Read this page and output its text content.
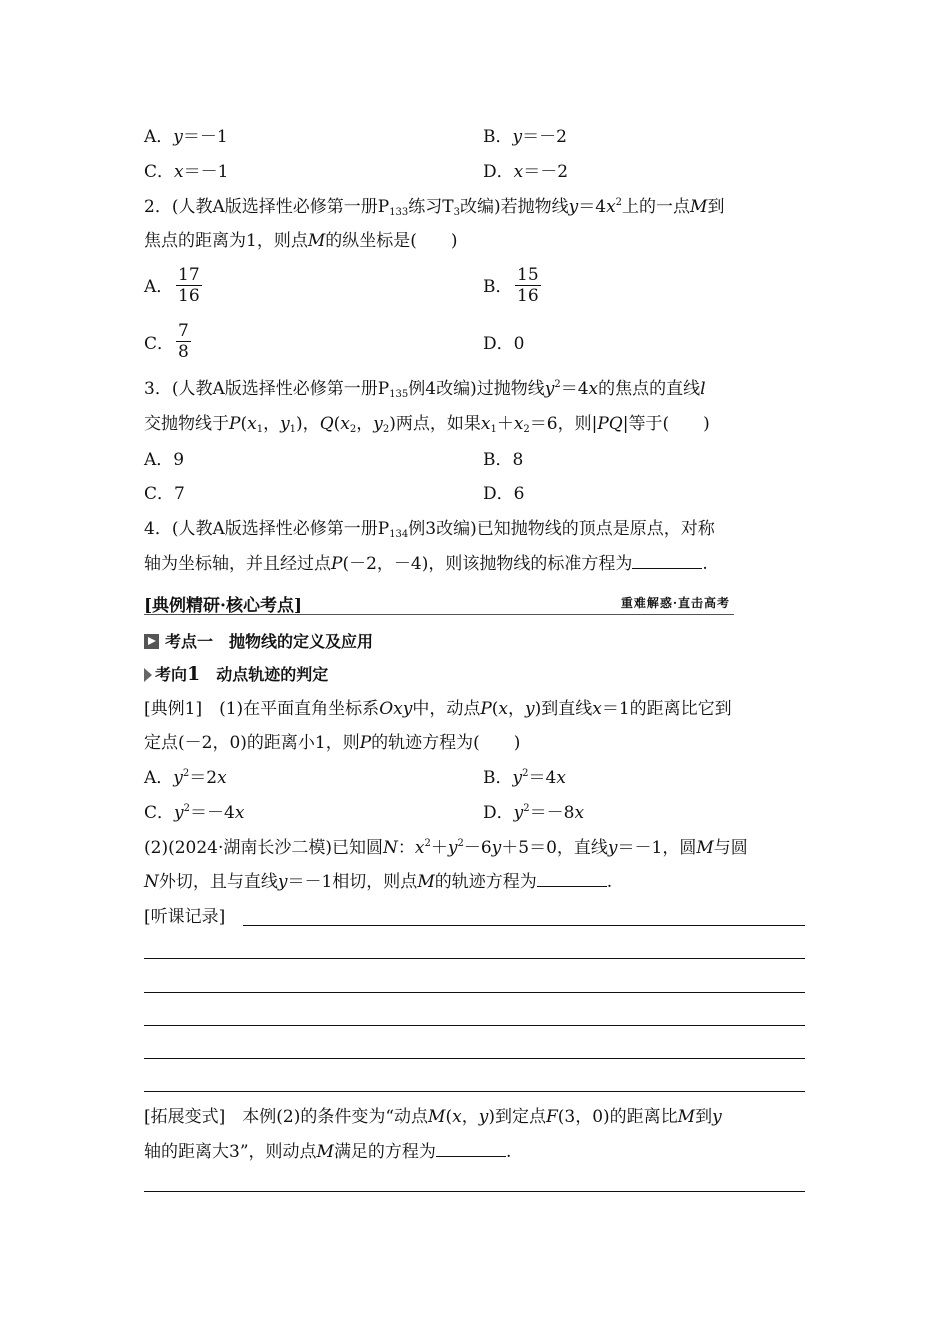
A．y＝－1	B．y＝－2
C．x＝－1	D．x＝－2
2．(人教A版选择性必修第一册$P_{133}$练习$T_3$改编)若抛物线$y=4x^2$上的一点M到
焦点的距离为1，则点M的纵坐标是(　　)
A． $\frac{17}{16}$	B． $\frac{15}{16}$
C． $\frac{7}{8}$	D．0
3．(人教A版选择性必修第一册$P_{135}$例4改编)过抛物线$y^2=4x$的焦点的直线l
交抛物线于$P(x_1$，$y_1$)，$Q(x_2$，$y_2$)两点，如果$x_1+x_2=6$，则|PQ|等于(　　)
A．9	B．8
C．7	D．6
4．(人教A版选择性必修第一册$P_{134}$例3改编)已知抛物线的顶点是原点，对称
轴为坐标轴，并且经过点P(－2，－4)，则该抛物线的标准方程为	.
[典例精研·核心考点]	重难解惑·直击高考
考点一　抛物线的定义及应用
考向1　 动点轨迹的判定
[典例1]　(1)在平面直角坐标系Oxy中，动点P(x，y)到直线x＝1的距离比它到
定点(－2，0)的距离小1，则P的轨迹方程为(　　)
A．$y^2=2x$	B．$y^2=4x$
C．$y^2=-4x$	D．$y^2=-8x$
(2)(2024·湖南长沙二模)已知圆N：$x^2+y^2-6y+5=0$，直线y＝－1，圆M与圆
N外切，且与直线y＝－1相切，则点M的轨迹方程为	.
[听课记录]
[拓展变式]　本例(2)的条件变为“动点M(x，y)到定点F(3，0)的距离比M到y
轴的距离大3”，则动点M满足的方程为	.
